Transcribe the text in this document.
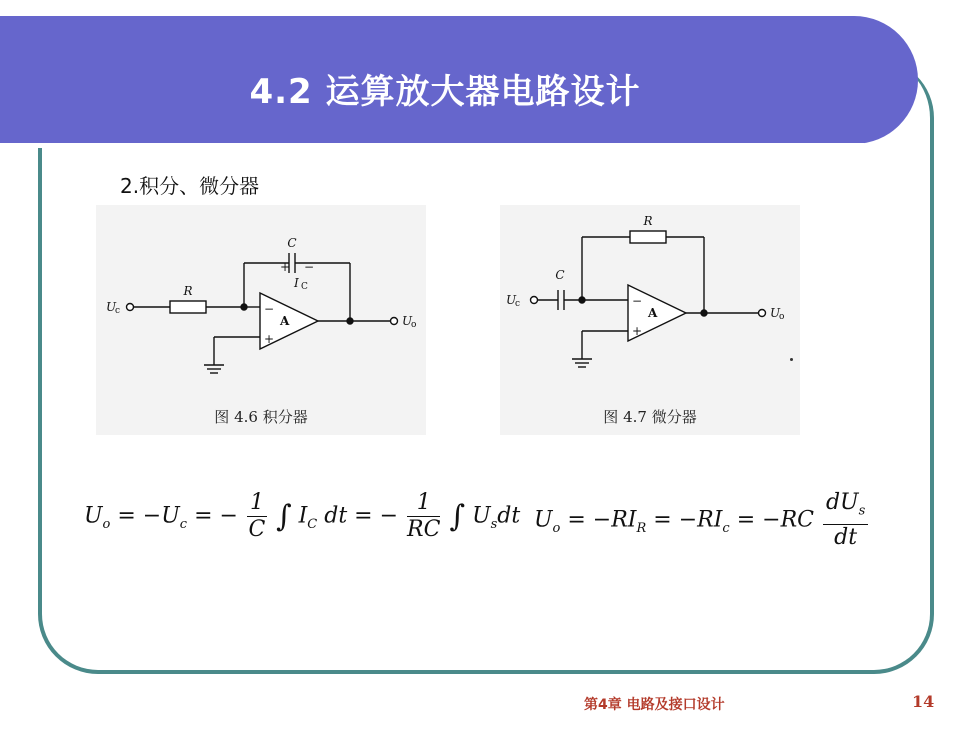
4.2 运算放大器电路设计
2.积分、微分器
C
+ −
I C
R
U
c
U
o
A
−
+
图 4.6 积分器
R
C
U
c
U
o
A
−
+
图 4.7 微分器
$U_o = -U_c$ = − $\frac{1}{C}$ ∫ $I_C$ dt = − $\frac{1}{RC}$ ∫ $U_sdt$ $U_o = -RI_R = -RI_c = -RC \frac{dU_s}{dt}$
第4章 电路及接口设计	14
